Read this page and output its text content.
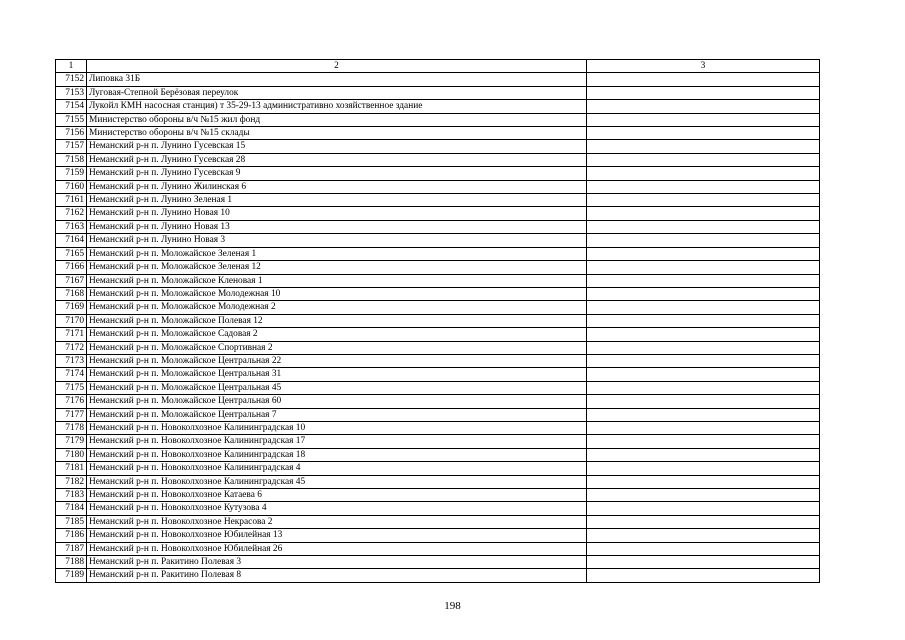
1	2	3
7152	Липовка 31Б	
7153	Луговая-Степной Берёзовая переулок	
7154	Лукойл КМН насосная станция) т 35-29-13 административно хозяйственное здание	
7155	Министерство обороны в/ч №15 жил фонд	
7156	Министерство обороны в/ч №15 склады	
7157	Неманский р-н п. Лунино Гусевская 15	
7158	Неманский р-н п. Лунино Гусевская 28	
7159	Неманский р-н п. Лунино Гусевская 9	
7160	Неманский р-н п. Лунино Жилинская 6	
7161	Неманский р-н п. Лунино Зеленая 1	
7162	Неманский р-н п. Лунино Новая 10	
7163	Неманский р-н п. Лунино Новая 13	
7164	Неманский р-н п. Лунино Новая 3	
7165	Неманский р-н п. Моложайское Зеленая 1	
7166	Неманский р-н п. Моложайское Зеленая 12	
7167	Неманский р-н п. Моложайское Кленовая 1	
7168	Неманский р-н п. Моложайское Молодежная 10	
7169	Неманский р-н п. Моложайское Молодежная 2	
7170	Неманский р-н п. Моложайское Полевая 12	
7171	Неманский р-н п. Моложайское Садовая 2	
7172	Неманский р-н п. Моложайское Спортивная 2	
7173	Неманский р-н п. Моложайское Центральная 22	
7174	Неманский р-н п. Моложайское Центральная 31	
7175	Неманский р-н п. Моложайское Центральная 45	
7176	Неманский р-н п. Моложайское Центральная 60	
7177	Неманский р-н п. Моложайское Центральная 7	
7178	Неманский р-н п. Новоколхозное Калининградская 10	
7179	Неманский р-н п. Новоколхозное Калининградская 17	
7180	Неманский р-н п. Новоколхозное Калининградская 18	
7181	Неманский р-н п. Новоколхозное Калининградская 4	
7182	Неманский р-н п. Новоколхозное Калининградская 45	
7183	Неманский р-н п. Новоколхозное Катаева 6	
7184	Неманский р-н п. Новоколхозное Кутузова 4	
7185	Неманский р-н п. Новоколхозное Некрасова 2	
7186	Неманский р-н п. Новоколхозное Юбилейная 13	
7187	Неманский р-н п. Новоколхозное Юбилейная 26	
7188	Неманский р-н п. Ракитино Полевая 3	
7189	Неманский р-н п. Ракитино Полевая 8	
198
